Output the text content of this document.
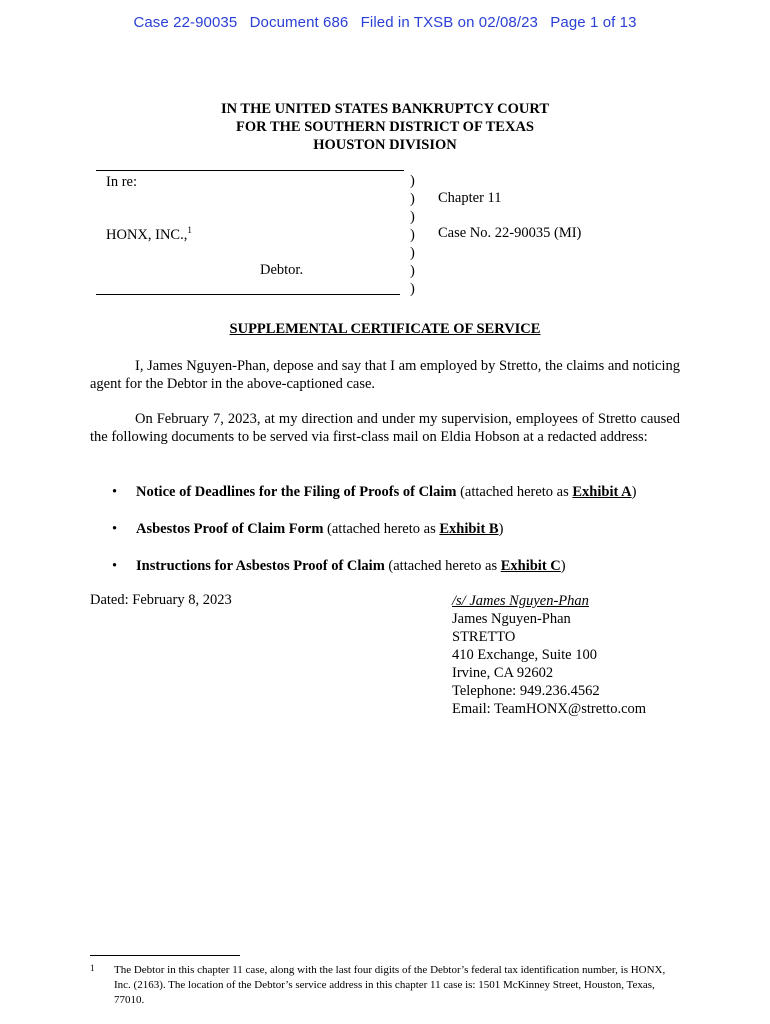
Case 22-90035 Document 686 Filed in TXSB on 02/08/23 Page 1 of 13
IN THE UNITED STATES BANKRUPTCY COURT
FOR THE SOUTHERN DISTRICT OF TEXAS
HOUSTON DIVISION
In re:
HONX, INC.,$^1$
Debtor.
)
)
)
)
)
)
)
Chapter 11
Case No. 22-90035 (MI)
SUPPLEMENTAL CERTIFICATE OF SERVICE

I, James Nguyen-Phan, depose and say that I am employed by Stretto, the claims and noticing agent for the Debtor in the above-captioned case.

On February 7, 2023, at my direction and under my supervision, employees of Stretto caused the following documents to be served via first-class mail on Eldia Hobson at a redacted address:

• Notice of Deadlines for the Filing of Proofs of Claim (attached hereto as Exhibit A)
• Asbestos Proof of Claim Form (attached hereto as Exhibit B)
• Instructions for Asbestos Proof of Claim (attached hereto as Exhibit C)
Dated: February 8, 2023	/s/ James Nguyen-Phan
James Nguyen-Phan
STRETTO
410 Exchange, Suite 100
Irvine, CA 92602
Telephone: 949.236.4562
Email: TeamHONX@stretto.com
1 The Debtor in this chapter 11 case, along with the last four digits of the Debtor’s federal tax identification number, is HONX, Inc. (2163). The location of the Debtor’s service address in this chapter 11 case is: 1501 McKinney Street, Houston, Texas, 77010.
